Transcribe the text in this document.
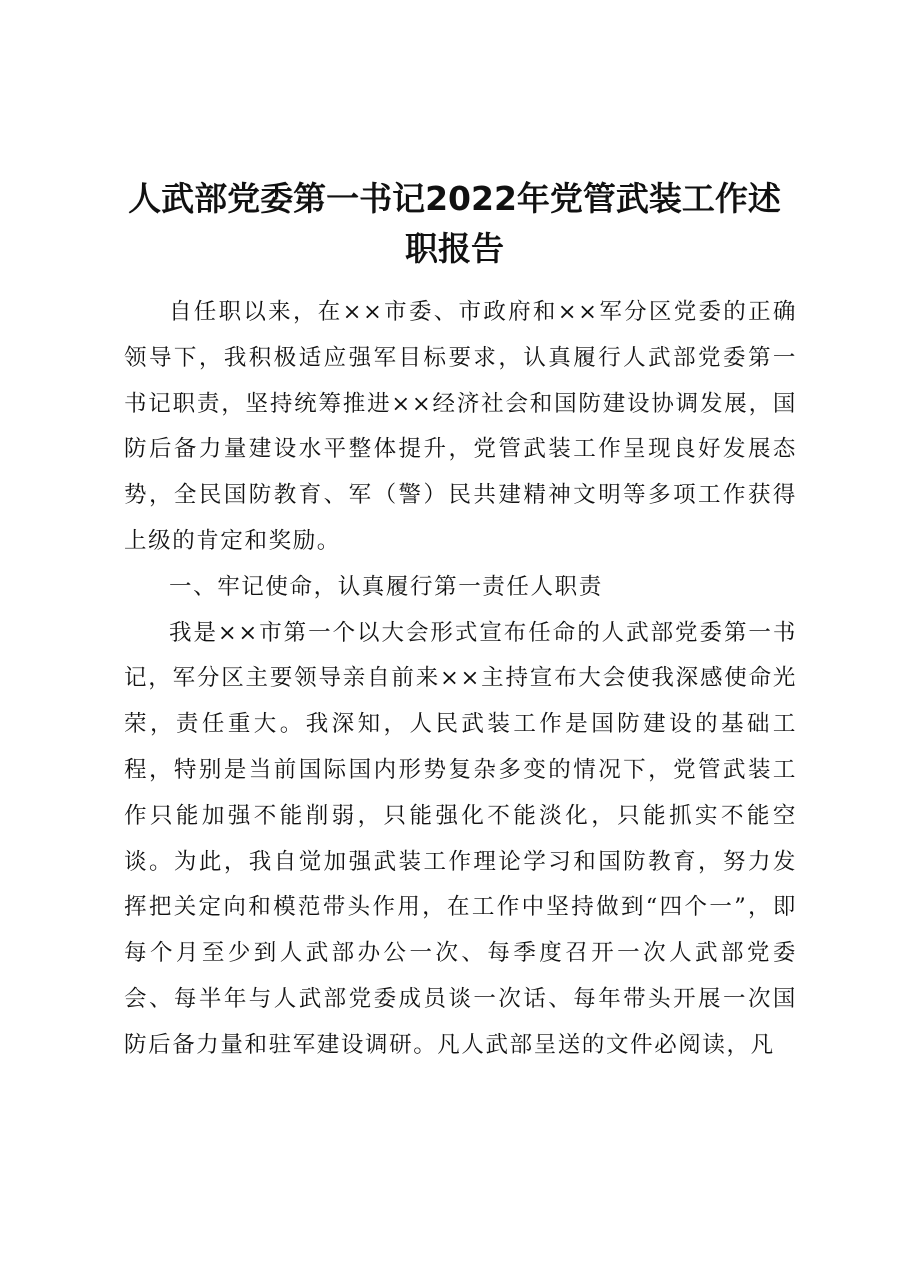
人武部党委第一书记2022年党管武装工作述
职报告

自任职以来，在××市委、市政府和××军分区党委的正确领导下，我积极适应强军目标要求，认真履行人武部党委第一书记职责，坚持统筹推进××经济社会和国防建设协调发展，国防后备力量建设水平整体提升，党管武装工作呈现良好发展态势，全民国防教育、军（警）民共建精神文明等多项工作获得上级的肯定和奖励。

一、牢记使命，认真履行第一责任人职责

我是××市第一个以大会形式宣布任命的人武部党委第一书记，军分区主要领导亲自前来××主持宣布大会使我深感使命光荣，责任重大。我深知，人民武装工作是国防建设的基础工程，特别是当前国际国内形势复杂多变的情况下，党管武装工作只能加强不能削弱，只能强化不能淡化，只能抓实不能空谈。为此，我自觉加强武装工作理论学习和国防教育，努力发挥把关定向和模范带头作用，在工作中坚持做到“四个一”，即每个月至少到人武部办公一次、每季度召开一次人武部党委会、每半年与人武部党委成员谈一次话、每年带头开展一次国防后备力量和驻军建设调研。凡人武部呈送的文件必阅读，凡
